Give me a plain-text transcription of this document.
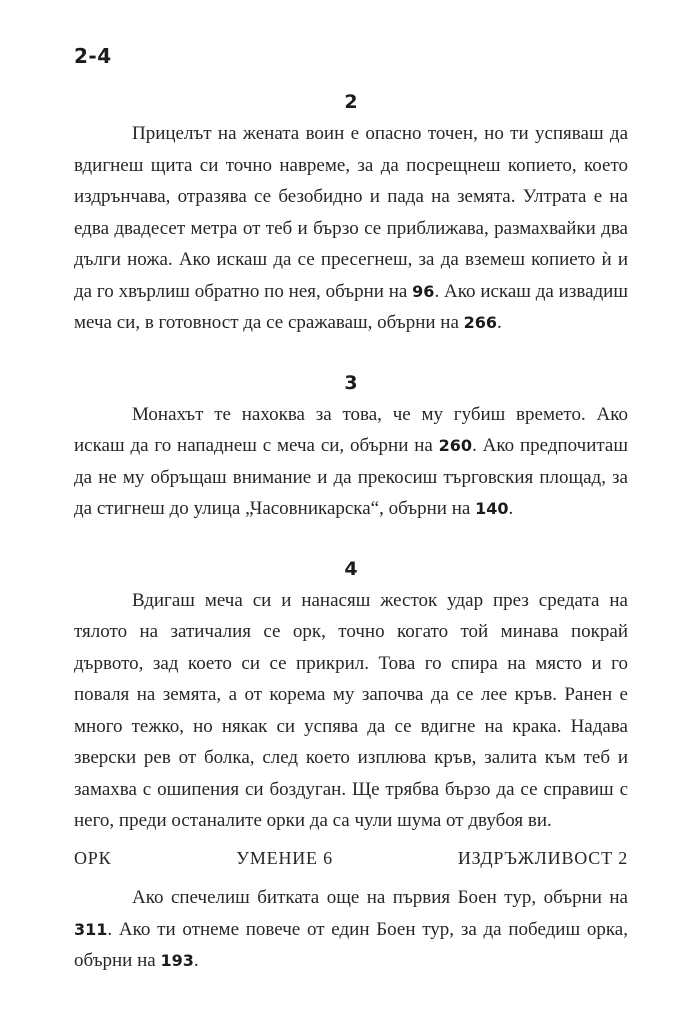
2-4
2

Прицелът на жената воин е опасно точен, но ти успяваш да вдигнеш щита си точно навреме, за да посрещнеш копието, което издрънчава, отразява се безобидно и пада на земята. Ултрата е на едва двадесет метра от теб и бързо се приближава, размахвайки два дълги ножа. Ако искаш да се пресегнеш, за да вземеш копието ѝ и да го хвърлиш обратно по нея, обърни на 96. Ако искаш да извадиш меча си, в готовност да се сражаваш, обърни на 266.

3

Монахът те нахоква за това, че му губиш времето. Ако искаш да го нападнеш с меча си, обърни на 260. Ако предпочиташ да не му обръщаш внимание и да прекосиш търговския площад, за да стигнеш до улица „Часовникарска“, обърни на 140.

4

Вдигаш меча си и нанасяш жесток удар през средата на тялото на затичалия се орк, точно когато той минава покрай дървото, зад което си се прикрил. Това го спира на място и го повaля на земята, а от корема му започва да се лее кръв. Ранен е много тежко, но някак си успява да се вдигне на крака. Надава зверски рев от болка, след което изплюва кръв, залита към теб и замахва с ошипения си боздуган. Ще трябва бързо да се справиш с него, преди останалите орки да са чули шума от двубоя ви.

ОРК	УМЕНИЕ 6	ИЗДРЪЖЛИВОСТ 2

Ако спечелиш битката още на първия Боен тур, обърни на 311. Ако ти отнеме повече от един Боен тур, за да победиш орка, обърни на 193.
